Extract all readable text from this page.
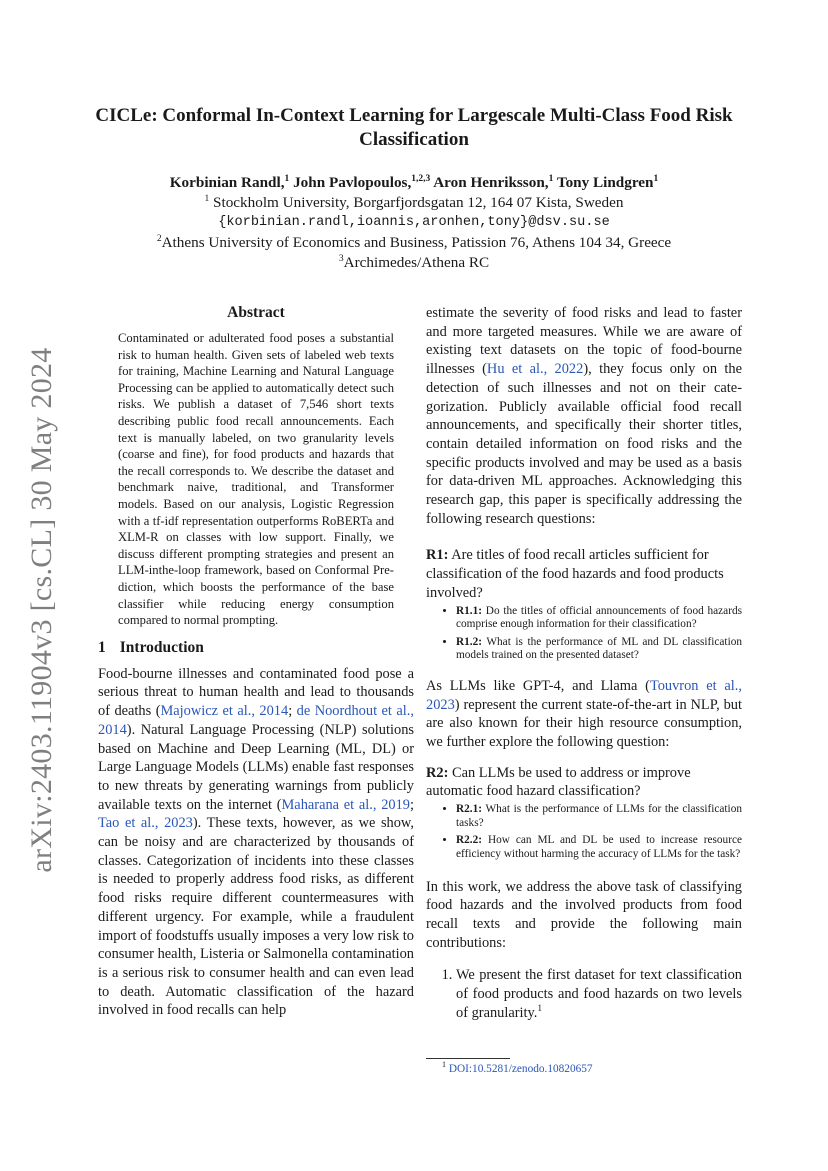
arXiv:2403.11904v3 [cs.CL] 30 May 2024
CICLe: Conformal In-Context Learning for Largescale Multi-Class Food Risk Classification
Korbinian Randl,$^1$ John Pavlopoulos,$^{1,2,3}$ Aron Henriksson,$^1$ Tony Lindgren$^1$
$^1$ Stockholm University, Borgarfjordsgatan 12, 164 07 Kista, Sweden
{korbinian.randl,ioannis,aronhen,tony}@dsv.su.se
$^2$Athens University of Economics and Business, Patission 76, Athens 104 34, Greece
$^3$Archimedes/Athena RC
Abstract

Contaminated or adulterated food poses a substantial risk to human health. Given sets of labeled web texts for training, Machine Learning and Natural Language Processing can be applied to automatically detect such risks. We publish a dataset of 7,546 short texts describing public food recall announcements. Each text is manually labeled, on two granularity levels (coarse and fine), for food products and hazards that the recall corresponds to. We describe the dataset and benchmark naive, traditional, and Transformer models. Based on our analysis, Logistic Regression with a tf-idf representation outperforms RoBERTa and XLM-R on classes with low support. Finally, we discuss different prompting strategies and present an LLM-inthe-loop framework, based on Conformal Prediction, which boosts the performance of the base classifier while reducing energy consumption compared to normal prompting.

1 Introduction

Food-bourne illnesses and contaminated food pose a serious threat to human health and lead to thousands of deaths (Majowicz et al., 2014; de Noordhout et al., 2014). Natural Language Processing (NLP) solutions based on Machine and Deep Learning (ML, DL) or Large Language Models (LLMs) enable fast responses to new threats by generating warnings from publicly available texts on the internet (Maharana et al., 2019; Tao et al., 2023). These texts, however, as we show, can be noisy and are characterized by thousands of classes. Categorization of incidents into these classes is needed to properly address food risks, as different food risks require different countermeasures with different urgency. For example, while a fraudulent import of foodstuffs usually imposes a very low risk to consumer health, Listeria or Salmonella contamination is a serious risk to consumer health and can even lead to death. Automatic classification of the hazard involved in food recalls can help

estimate the severity of food risks and lead to faster and more targeted measures. While we are aware of existing text datasets on the topic of food-bourne illnesses (Hu et al., 2022), they focus only on the detection of such illnesses and not on their categorization. Publicly available official food recall announcements, and specifically their shorter titles, contain detailed information on food risks and the specific products involved and may be used as a basis for data-driven ML approaches. Acknowledging this research gap, this paper is specifically addressing the following research questions:

R1: Are titles of food recall articles sufficient for classification of the food hazards and food products involved?

• R1.1: Do the titles of official announcements of food hazards comprise enough information for their classification?
• R1.2: What is the performance of ML and DL classification models trained on the presented dataset?

As LLMs like GPT-4, and Llama (Touvron et al., 2023) represent the current state-of-the-art in NLP, but are also known for their high resource consumption, we further explore the following question:

R2: Can LLMs be used to address or improve automatic food hazard classification?

• R2.1: What is the performance of LLMs for the classification tasks?
• R2.2: How can ML and DL be used to increase resource efficiency without harming the accuracy of LLMs for the task?

In this work, we address the above task of classifying food hazards and the involved products from food recall texts and provide the following main contributions:

1. We present the first dataset for text classification of food products and food hazards on two levels of granularity.$^1$
$^1$ DOI:10.5281/zenodo.10820657
